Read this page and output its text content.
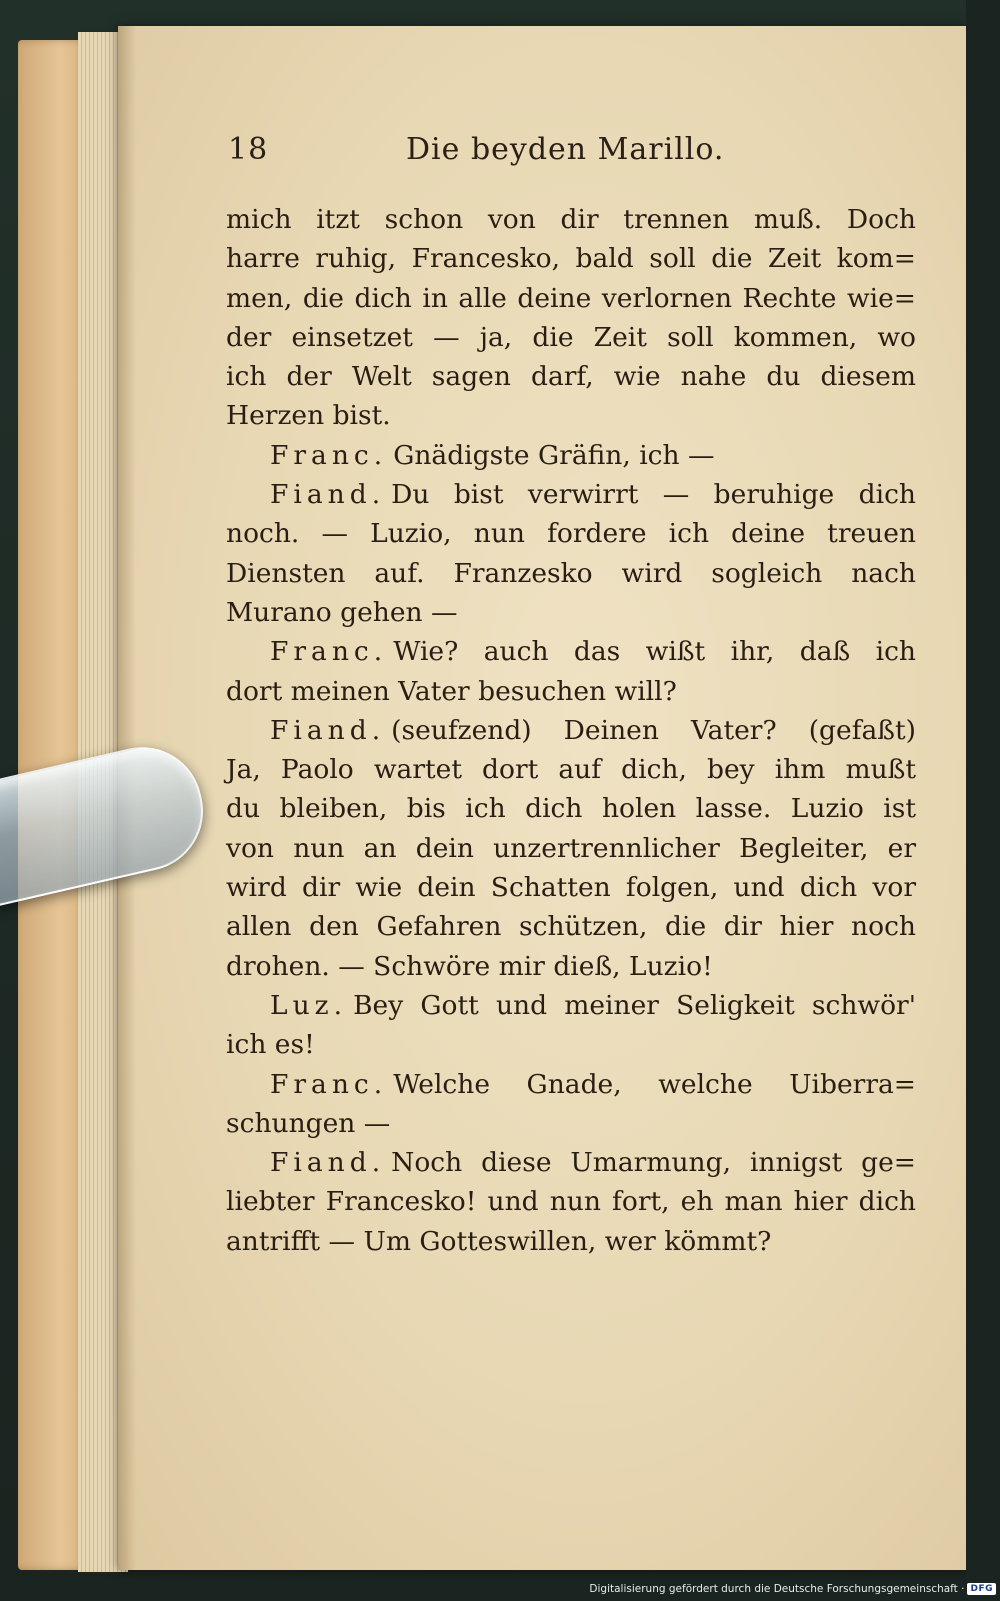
18	Die beyden Marillo.
mich itzt schon von dir trennen muß. Doch
harre ruhig, Francesko, bald soll die Zeit kom=
men, die dich in alle deine verlornen Rechte wie=
der einsetzet — ja, die Zeit soll kommen, wo
ich der Welt sagen darf, wie nahe du diesem
Herzen bist.
Franc. Gnädigste Gräfin, ich —
Fiand. Du bist verwirrt — beruhige dich
noch. — Luzio, nun fordere ich deine treuen
Diensten auf. Franzesko wird sogleich nach
Murano gehen —
Franc. Wie? auch das wißt ihr, daß ich
dort meinen Vater besuchen will?
Fiand. (seufzend) Deinen Vater? (gefaßt)
Ja, Paolo wartet dort auf dich, bey ihm mußt
du bleiben, bis ich dich holen lasse. Luzio ist
von nun an dein unzertrennlicher Begleiter, er
wird dir wie dein Schatten folgen, und dich vor
allen den Gefahren schützen, die dir hier noch
drohen. — Schwöre mir dieß, Luzio!
Luz. Bey Gott und meiner Seligkeit schwör'
ich es!
Franc. Welche Gnade, welche Uiberra=
schungen —
Fiand. Noch diese Umarmung, innigst ge=
liebter Francesko! und nun fort, eh man hier dich
antrifft — Um Gotteswillen, wer kömmt?
Digitalisierung gefördert durch die Deutsche Forschungsgemeinschaft · DFG
